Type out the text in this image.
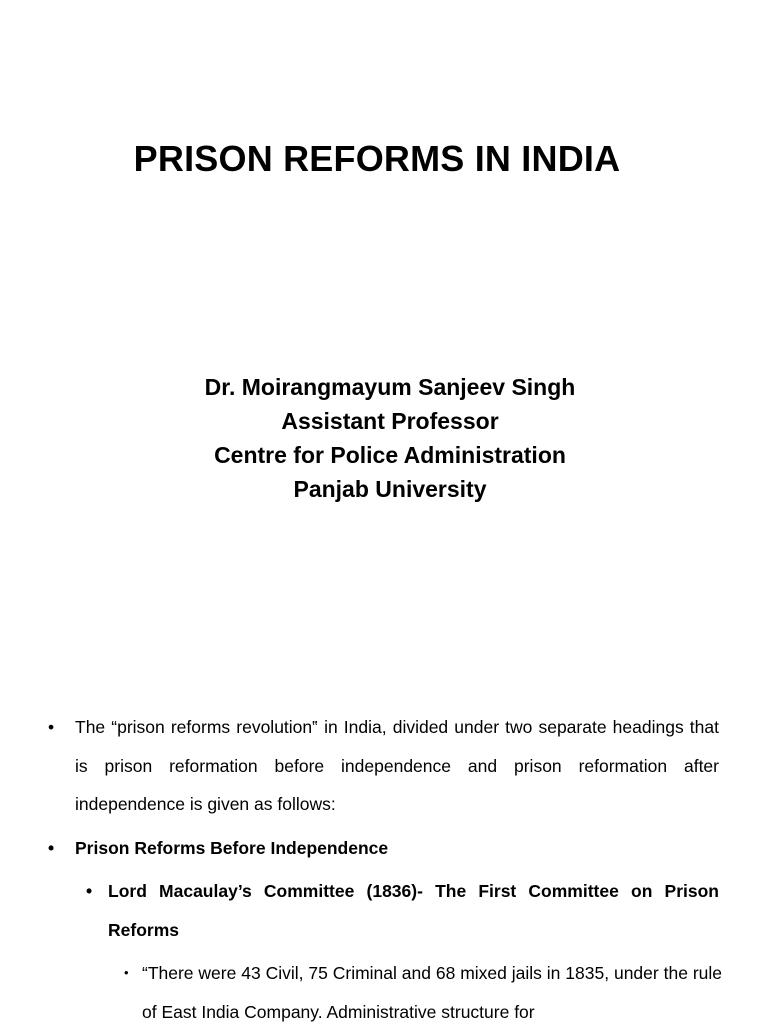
PRISON REFORMS IN INDIA
Dr. Moirangmayum Sanjeev Singh
Assistant Professor
Centre for Police Administration
Panjab University
• The “prison reforms revolution‟ in India, divided under two separate headings that is prison reformation before independence and prison reformation after independence is given as follows:
• Prison Reforms Before Independence
• Lord Macaulay’s Committee (1836)- The First Committee on Prison Reforms
• “There were 43 Civil, 75 Criminal and 68 mixed jails in 1835, under the rule of East India Company. Administrative structure for
